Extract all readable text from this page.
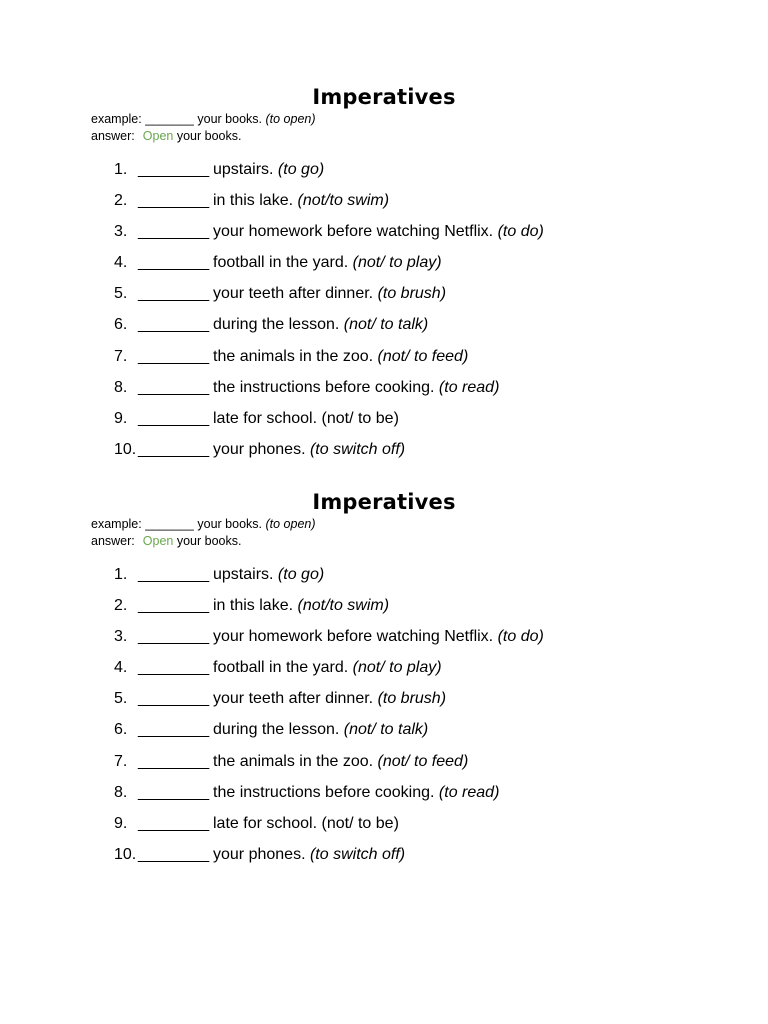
Imperatives
example: _______ your books. (to open)
answer: Open your books.
1. ________ upstairs. (to go)
2. ________ in this lake. (not/to swim)
3. ________ your homework before watching Netflix. (to do)
4. ________ football in the yard. (not/ to play)
5. ________ your teeth after dinner. (to brush)
6. ________ during the lesson. (not/ to talk)
7. ________ the animals in the zoo. (not/ to feed)
8. ________ the instructions before cooking. (to read)
9. ________ late for school. (not/ to be)
10. ________ your phones. (to switch off)
Imperatives
example: _______ your books. (to open)
answer: Open your books.
1. ________ upstairs. (to go)
2. ________ in this lake. (not/to swim)
3. ________ your homework before watching Netflix. (to do)
4. ________ football in the yard. (not/ to play)
5. ________ your teeth after dinner. (to brush)
6. ________ during the lesson. (not/ to talk)
7. ________ the animals in the zoo. (not/ to feed)
8. ________ the instructions before cooking. (to read)
9. ________ late for school. (not/ to be)
10. ________ your phones. (to switch off)
